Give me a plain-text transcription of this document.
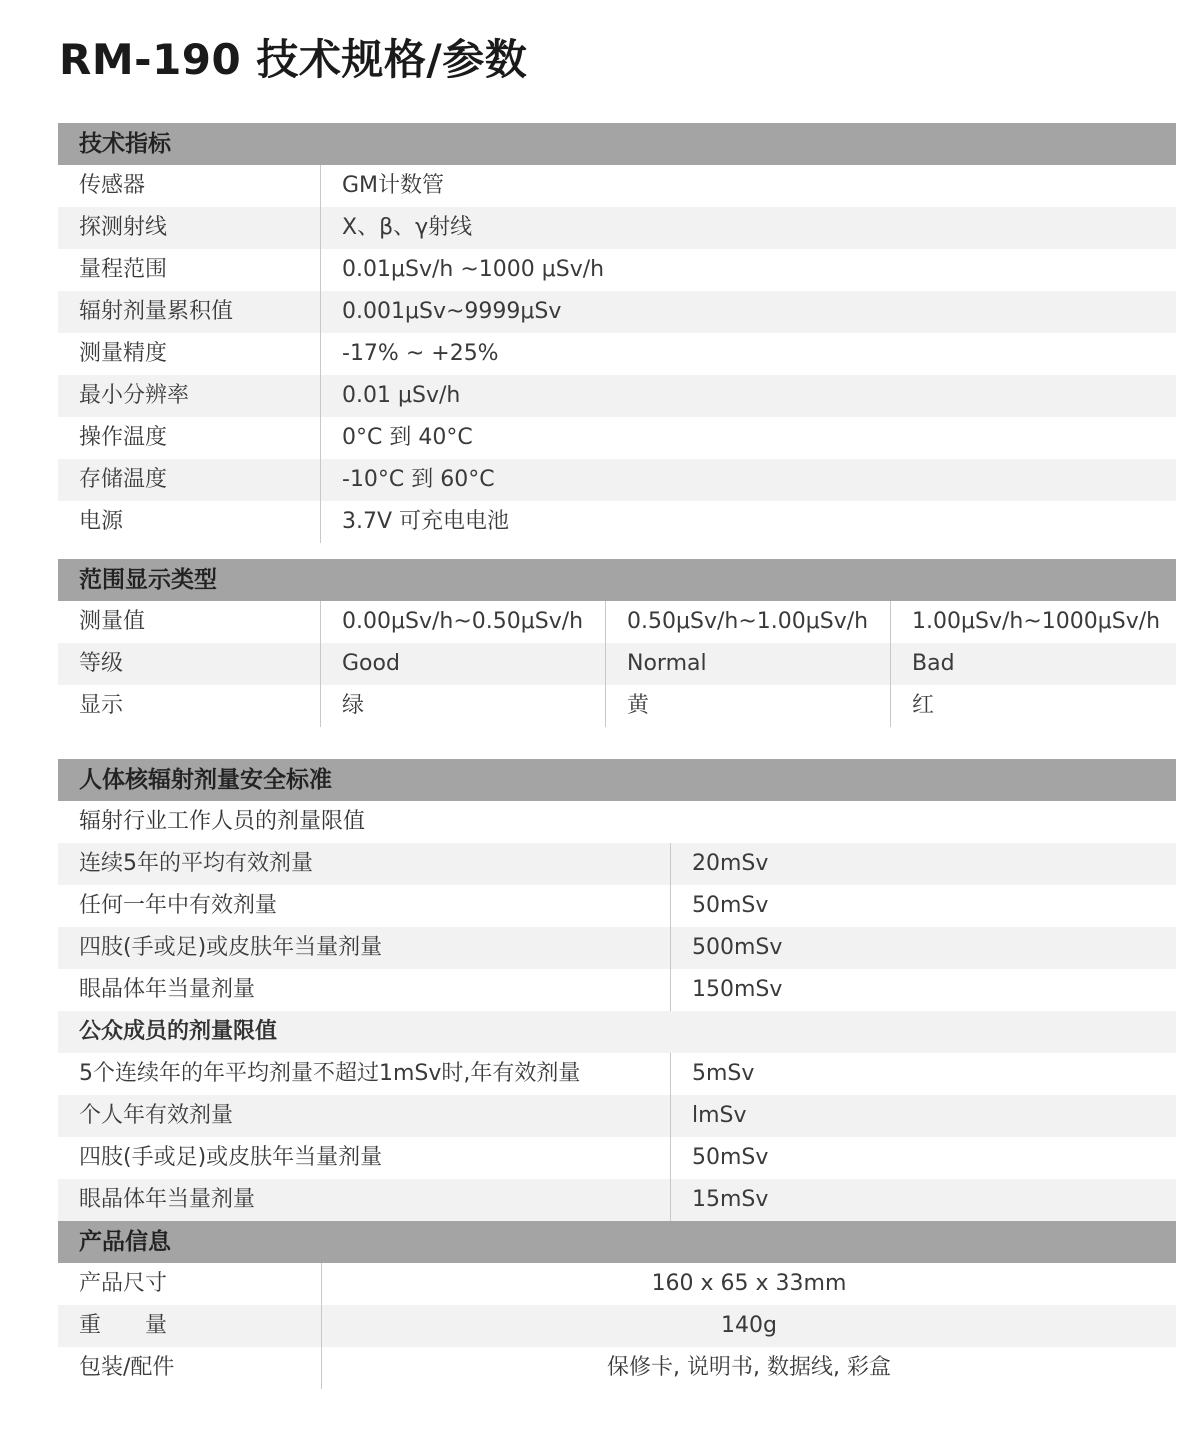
RM-190 技术规格/参数
技术指标
传感器	GM计数管
探测射线	X、β、γ射线
量程范围	0.01μSv/h ~1000 μSv/h
辐射剂量累积值	0.001μSv~9999μSv
测量精度	-17% ~ +25%
最小分辨率	0.01 μSv/h
操作温度	0°C 到 40°C
存储温度	-10°C 到 60°C
电源	3.7V 可充电电池
范围显示类型
测量值	0.00μSv/h~0.50μSv/h	0.50μSv/h~1.00μSv/h	1.00μSv/h~1000μSv/h
等级	Good	Normal	Bad
显示	绿	黄	红
人体核辐射剂量安全标准
辐射行业工作人员的剂量限值
连续5年的平均有效剂量	20mSv
任何一年中有效剂量	50mSv
四肢(手或足)或皮肤年当量剂量	500mSv
眼晶体年当量剂量	150mSv
公众成员的剂量限值
5个连续年的年平均剂量不超过1mSv时,年有效剂量	5mSv
个人年有效剂量	lmSv
四肢(手或足)或皮肤年当量剂量	50mSv
眼晶体年当量剂量	15mSv
产品信息
产品尺寸	160 x 65 x 33mm
重　　量	140g
包装/配件	保修卡, 说明书, 数据线, 彩盒
